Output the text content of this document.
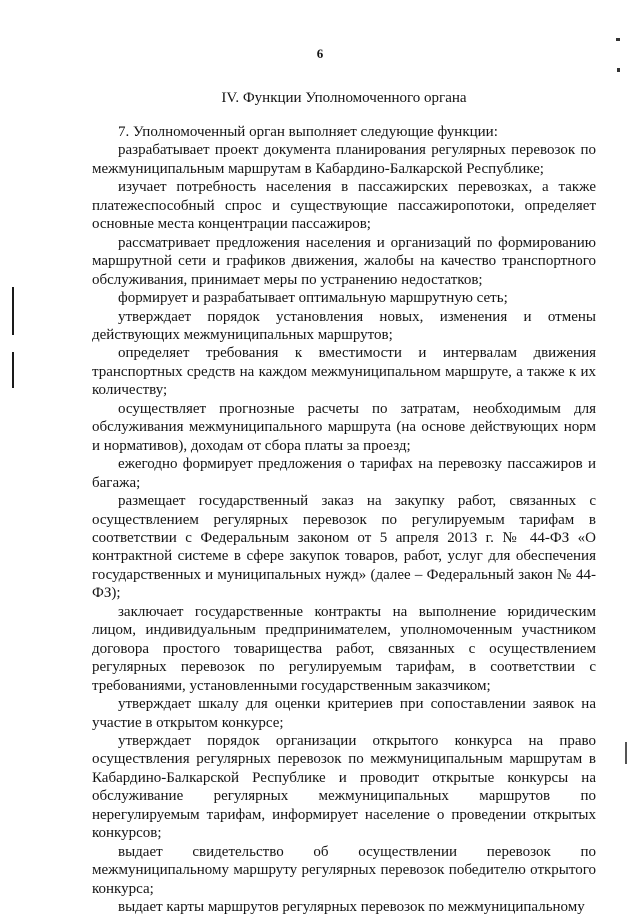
6
IV. Функции Уполномоченного органа

7. Уполномоченный орган выполняет следующие функции:

разрабатывает проект документа планирования регулярных перевозок по межмуниципальным маршрутам в Кабардино-Балкарской Республике;

изучает потребность населения в пассажирских перевозках, а также платежеспособный спрос и существующие пассажиропотоки, определяет основные места концентрации пассажиров;

рассматривает предложения населения и организаций по формированию маршрутной сети и графиков движения, жалобы на качество транспортного обслуживания, принимает меры по устранению недостатков;

формирует и разрабатывает оптимальную маршрутную сеть;

утверждает порядок установления новых, изменения и отмены действующих межмуниципальных маршрутов;

определяет требования к вместимости и интервалам движения транспортных средств на каждом межмуниципальном маршруте, а также к их количеству;

осуществляет прогнозные расчеты по затратам, необходимым для обслуживания межмуниципального маршрута (на основе действующих норм и нормативов), доходам от сбора платы за проезд;

ежегодно формирует предложения о тарифах на перевозку пассажиров и багажа;

размещает государственный заказ на закупку работ, связанных с осуществлением регулярных перевозок по регулируемым тарифам в соответствии с Федеральным законом от 5 апреля 2013 г. № 44-ФЗ «О контрактной системе в сфере закупок товаров, работ, услуг для обеспечения государственных и муниципальных нужд» (далее – Федеральный закон № 44-ФЗ);

заключает государственные контракты на выполнение юридическим лицом, индивидуальным предпринимателем, уполномоченным участником договора простого товарищества работ, связанных с осуществлением регулярных перевозок по регулируемым тарифам, в соответствии с требованиями, установленными государственным заказчиком;

утверждает шкалу для оценки критериев при сопоставлении заявок на участие в открытом конкурсе;

утверждает порядок организации открытого конкурса на право осуществления регулярных перевозок по межмуниципальным маршрутам в Кабардино-Балкарской Республике и проводит открытые конкурсы на обслуживание регулярных межмуниципальных маршрутов по нерегулируемым тарифам, информирует население о проведении открытых конкурсов;

выдает свидетельство об осуществлении перевозок по межмуниципальному маршруту регулярных перевозок победителю открытого конкурса;

выдает карты маршрутов регулярных перевозок по межмуниципальному
